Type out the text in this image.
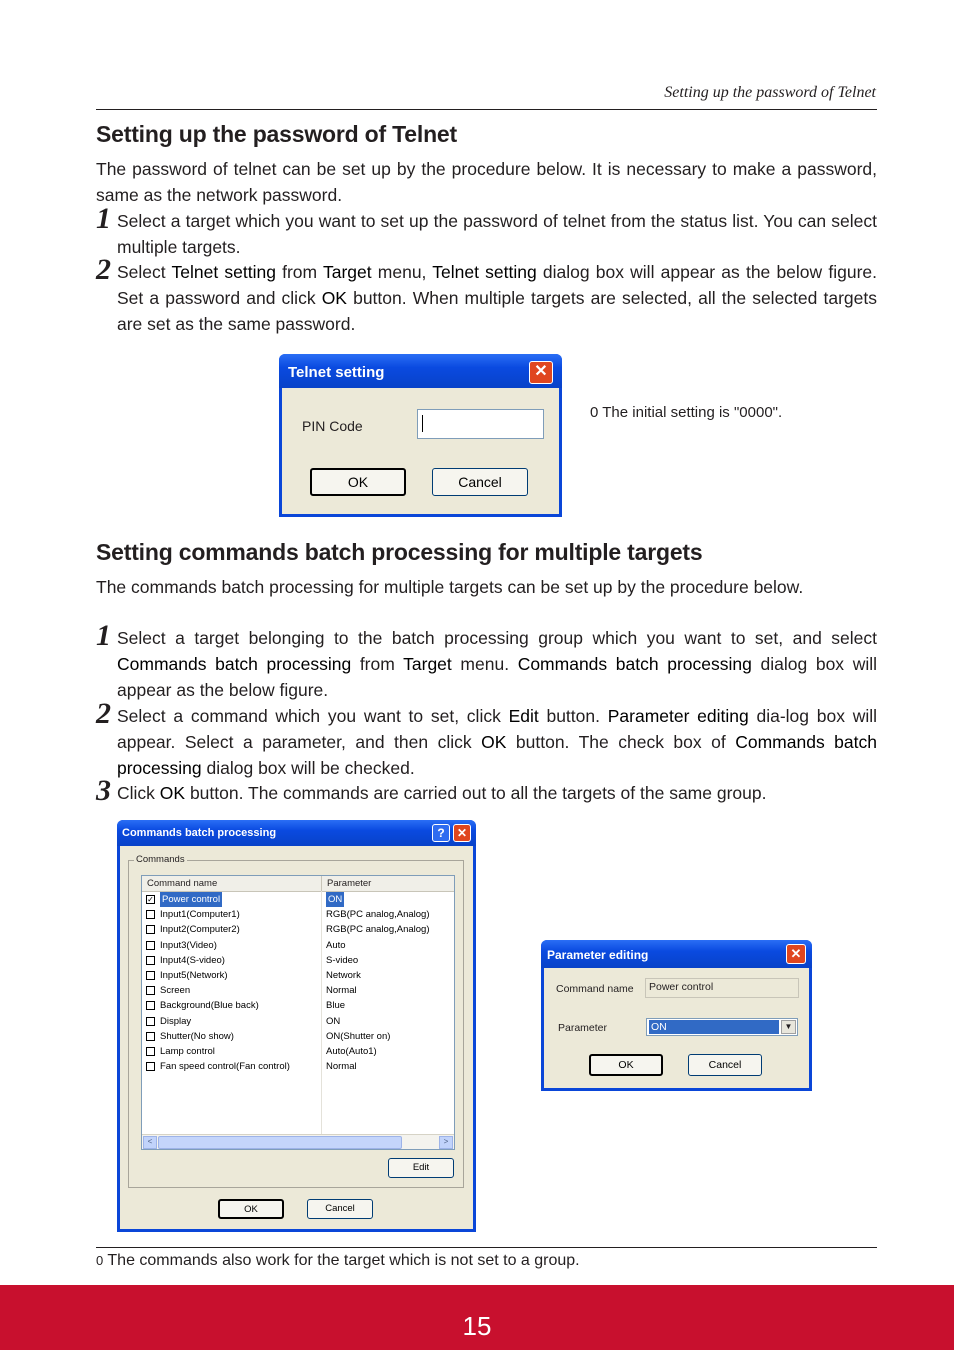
Setting up the password of Telnet
Setting up the password of Telnet
The password of telnet can be set up by the procedure below. It is necessary to make a password, same as the network password.
1 Select a target which you want to set up the password of telnet from the status list. You can select multiple targets.
2 Select Telnet setting from Target menu, Telnet setting dialog box will appear as the below figure. Set a password and click OK button. When multiple targets are selected, all the selected targets are set as the same password.
Telnet setting	✕
PIN Code
OK	Cancel
0 The initial setting is "0000".
Setting commands batch processing for multiple targets
The commands batch processing for multiple targets can be set up by the procedure below.
1 Select a target belonging to the batch processing group which you want to set, and select Commands batch processing from Target menu. Commands batch processing dialog box will appear as the below figure.
2 Select a command which you want to set, click Edit button. Parameter editing dia-log box will appear. Select a parameter, and then click OK button. The check box of Commands batch processing dialog box will be checked.
3 Click OK button. The commands are carried out to all the targets of the same group.
Commands batch processing	?	✕
Commands
Command name	Parameter
✓ Power control	ON
Input1(Computer1)	RGB(PC analog,Analog)
Input2(Computer2)	RGB(PC analog,Analog)
Input3(Video)	Auto
Input4(S-video)	S-video
Input5(Network)	Network
Screen	Normal
Background(Blue back)	Blue
Display	ON
Shutter(No show)	ON(Shutter on)
Lamp control	Auto(Auto1)
Fan speed control(Fan control)	Normal
<	>
Edit
OK	Cancel
Parameter editing	✕
Command name	Power control
Parameter	ON	▼
OK	Cancel
0 The commands also work for the target which is not set to a group.
15
